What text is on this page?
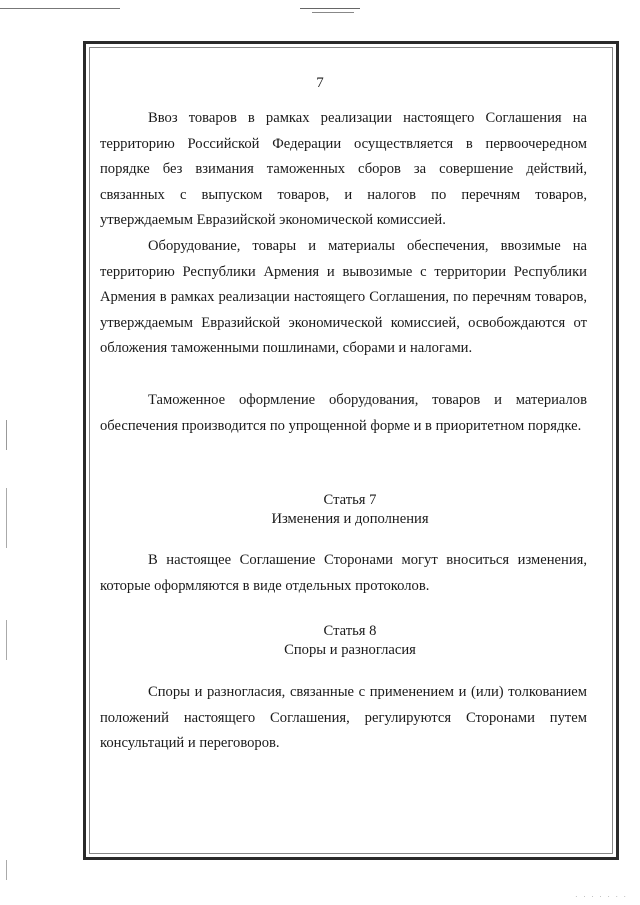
7

Ввоз товаров в рамках реализации настоящего Соглашения на территорию Российской Федерации осуществляется в первоочередном порядке без взимания таможенных сборов за совершение действий, связанных с выпуском товаров, и налогов по перечням товаров, утверждаемым Евразийской экономической комиссией.

Оборудование, товары и материалы обеспечения, ввозимые на территорию Республики Армения и вывозимые с территории Республики Армения в рамках реализации настоящего Соглашения, по перечням товаров, утверждаемым Евразийской экономической комиссией, освобождаются от обложения таможенными пошлинами, сборами и налогами.

Таможенное оформление оборудования, товаров и материалов обеспечения производится по упрощенной форме и в приоритетном порядке.

Статья 7
Изменения и дополнения

В настоящее Соглашение Сторонами могут вноситься изменения, которые оформляются в виде отдельных протоколов.

Статья 8
Споры и разногласия

Споры и разногласия, связанные с применением и (или) толкованием положений настоящего Соглашения, регулируются Сторонами путем консультаций и переговоров.

· · · · · · ·
